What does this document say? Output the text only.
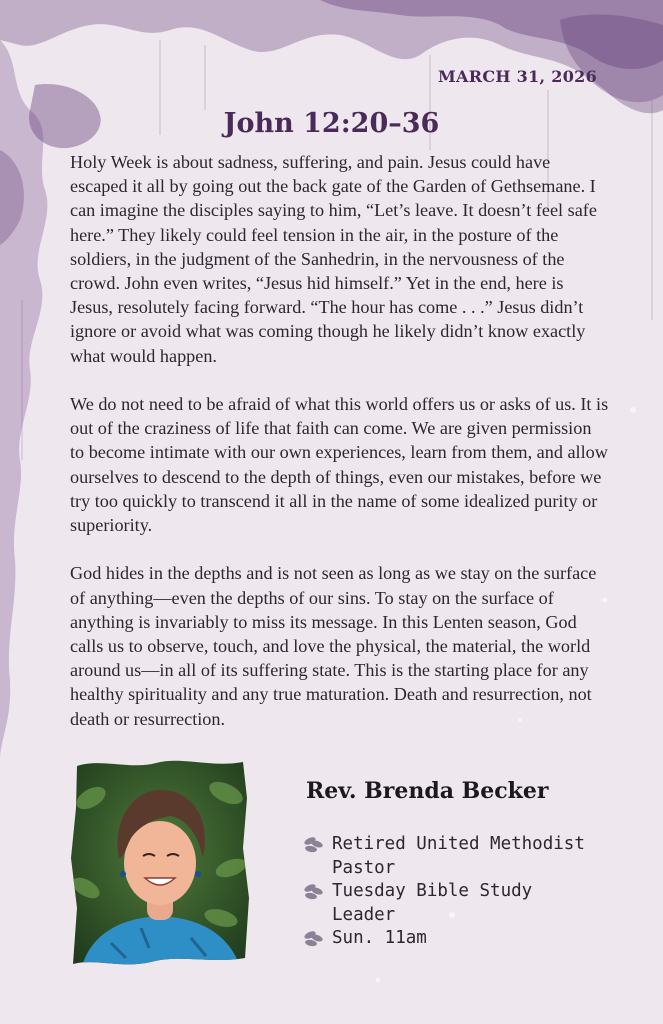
MARCH 31, 2026
John 12:20–36

Holy Week is about sadness, suffering, and pain. Jesus could have escaped it all by going out the back gate of the Garden of Gethsemane. I can imagine the disciples saying to him, “Let’s leave. It doesn’t feel safe here.” They likely could feel tension in the air, in the posture of the soldiers, in the judgment of the Sanhedrin, in the nervousness of the crowd. John even writes, “Jesus hid himself.” Yet in the end, here is Jesus, resolutely facing forward. “The hour has come . . .” Jesus didn’t ignore or avoid what was coming though he likely didn’t know exactly what would happen.

We do not need to be afraid of what this world offers us or asks of us. It is out of the craziness of life that faith can come. We are given permission to become intimate with our own experiences, learn from them, and allow ourselves to descend to the depth of things, even our mistakes, before we try too quickly to transcend it all in the name of some idealized purity or superiority.

God hides in the depths and is not seen as long as we stay on the surface of anything—even the depths of our sins. To stay on the surface of anything is invariably to miss its message. In this Lenten season, God calls us to observe, touch, and love the physical, the material, the world around us—in all of its suffering state. This is the starting place for any healthy spirituality and any true maturation. Death and resurrection, not death or resurrection.

Rev. Brenda Becker
Retired United Methodist Pastor
Tuesday Bible Study Leader
Sun. 11am
